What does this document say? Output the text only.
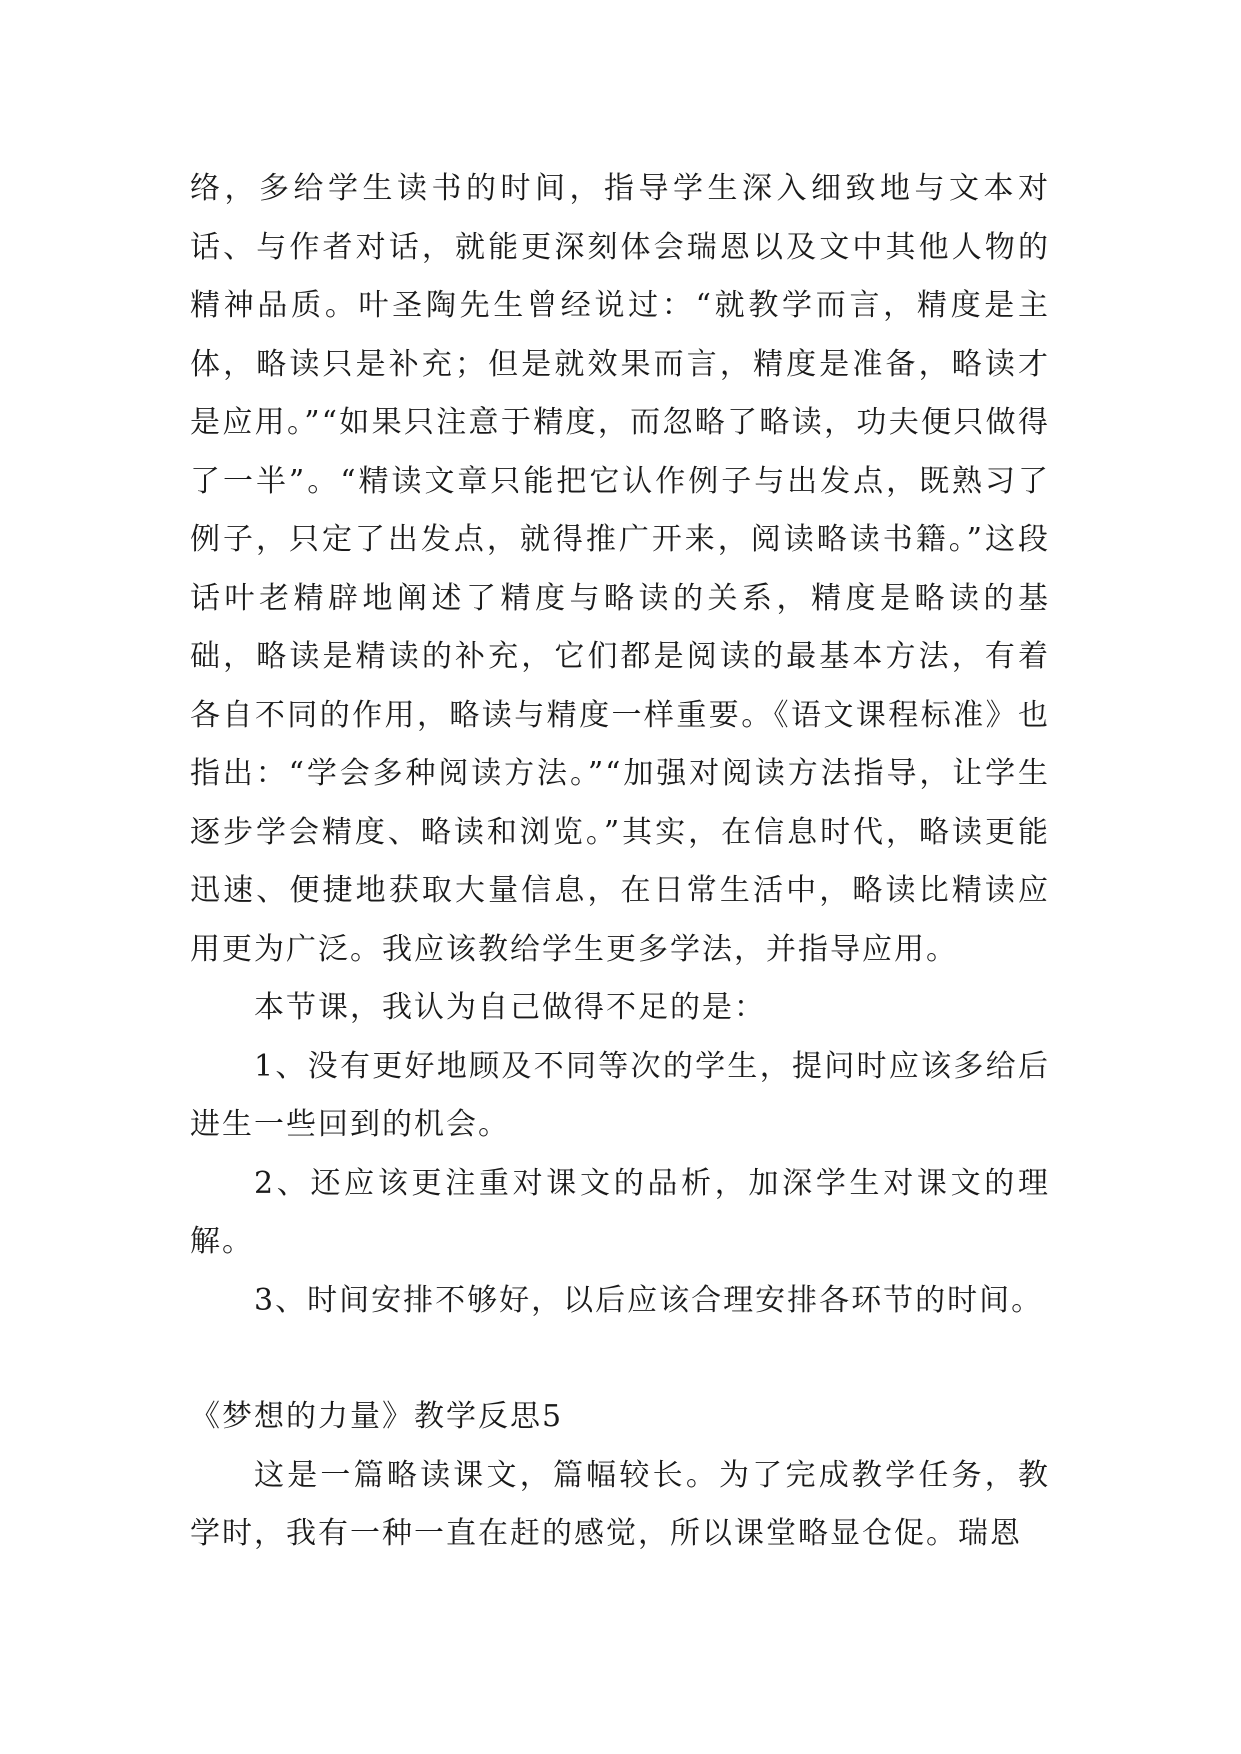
络，多给学生读书的时间，指导学生深入细致地与文本对话、与作者对话，就能更深刻体会瑞恩以及文中其他人物的精神品质。叶圣陶先生曾经说过：“就教学而言，精度是主体，略读只是补充；但是就效果而言，精度是准备，略读才是应用。”“如果只注意于精度，而忽略了略读，功夫便只做得了一半”。“精读文章只能把它认作例子与出发点，既熟习了例子，只定了出发点，就得推广开来，阅读略读书籍。”这段话叶老精辟地阐述了精度与略读的关系，精度是略读的基础，略读是精读的补充，它们都是阅读的最基本方法，有着各自不同的作用，略读与精度一样重要。《语文课程标准》也指出：“学会多种阅读方法。”“加强对阅读方法指导，让学生逐步学会精度、略读和浏览。”其实，在信息时代，略读更能迅速、便捷地获取大量信息，在日常生活中，略读比精读应用更为广泛。我应该教给学生更多学法，并指导应用。

本节课，我认为自己做得不足的是：

1、没有更好地顾及不同等次的学生，提问时应该多给后进生一些回到的机会。

2、还应该更注重对课文的品析，加深学生对课文的理解。

3、时间安排不够好，以后应该合理安排各环节的时间。

《梦想的力量》教学反思5

这是一篇略读课文，篇幅较长。为了完成教学任务，教学时，我有一种一直在赶的感觉，所以课堂略显仓促。瑞恩
